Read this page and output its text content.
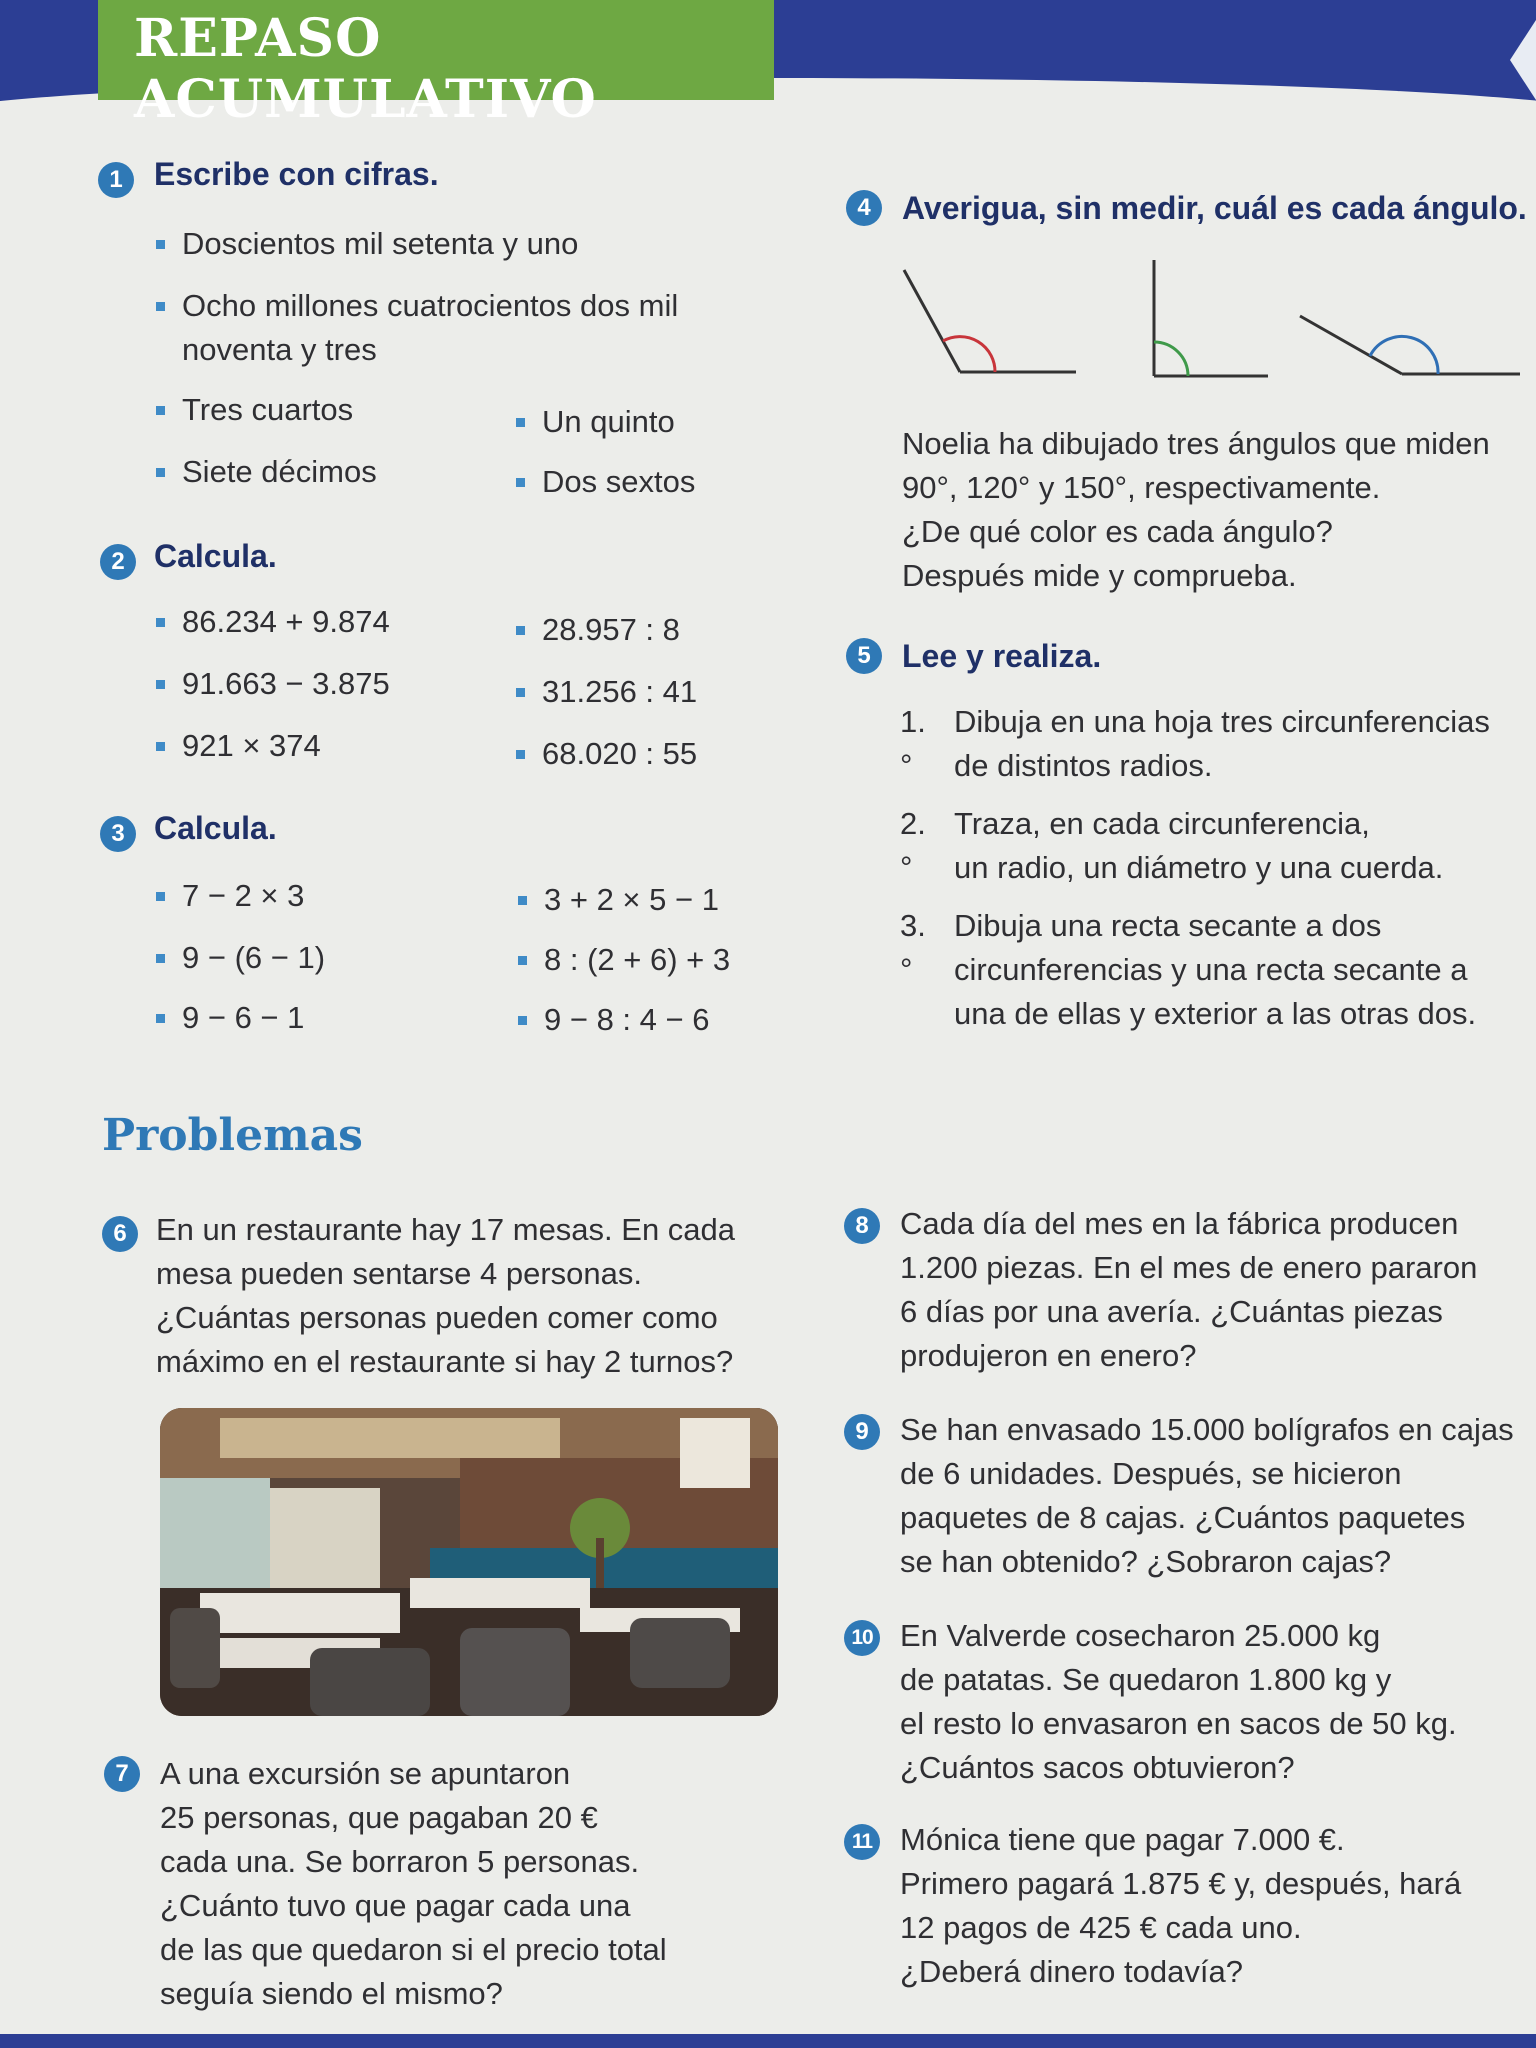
REPASO ACUMULATIVO
1 Escribe con cifras.
Doscientos mil setenta y uno
Ocho millones cuatrocientos dos mil
noventa y tres
Tres cuartos	Un quinto
Siete décimos	Dos sextos
2 Calcula.
86.234 + 9.874	28.957 : 8
91.663 − 3.875	31.256 : 41
921 × 374	68.020 : 55
3 Calcula.
7 − 2 × 3	3 + 2 × 5 − 1
9 − (6 − 1)	8 : (2 + 6) + 3
9 − 6 − 1	9 − 8 : 4 − 6
4 Averigua, sin medir, cuál es cada ángulo.
Noelia ha dibujado tres ángulos que miden
90°, 120° y 150°, respectivamente.
¿De qué color es cada ángulo?
Después mide y comprueba.
5 Lee y realiza.
1.°
Dibuja en una hoja tres circunferencias
de distintos radios.
2.°
Traza, en cada circunferencia,
un radio, un diámetro y una cuerda.
3.°
Dibuja una recta secante a dos
circunferencias y una recta secante a
una de ellas y exterior a las otras dos.
Problemas
6 En un restaurante hay 17 mesas. En cada
mesa pueden sentarse 4 personas.
¿Cuántas personas pueden comer como
máximo en el restaurante si hay 2 turnos?
7	A una excursión se apuntaron
25 personas, que pagaban 20 €
cada una. Se borraron 5 personas.
¿Cuánto tuvo que pagar cada una
de las que quedaron si el precio total
seguía siendo el mismo?
8	Cada día del mes en la fábrica producen
1.200 piezas. En el mes de enero pararon
6 días por una avería. ¿Cuántas piezas
produjeron en enero?
9	Se han envasado 15.000 bolígrafos en cajas
de 6 unidades. Después, se hicieron
paquetes de 8 cajas. ¿Cuántos paquetes
se han obtenido? ¿Sobraron cajas?
10 En Valverde cosecharon 25.000 kg
de patatas. Se quedaron 1.800 kg y
el resto lo envasaron en sacos de 50 kg.
¿Cuántos sacos obtuvieron?
11 Mónica tiene que pagar 7.000 €.
Primero pagará 1.875 € y, después, hará
12 pagos de 425 € cada uno.
¿Deberá dinero todavía?
